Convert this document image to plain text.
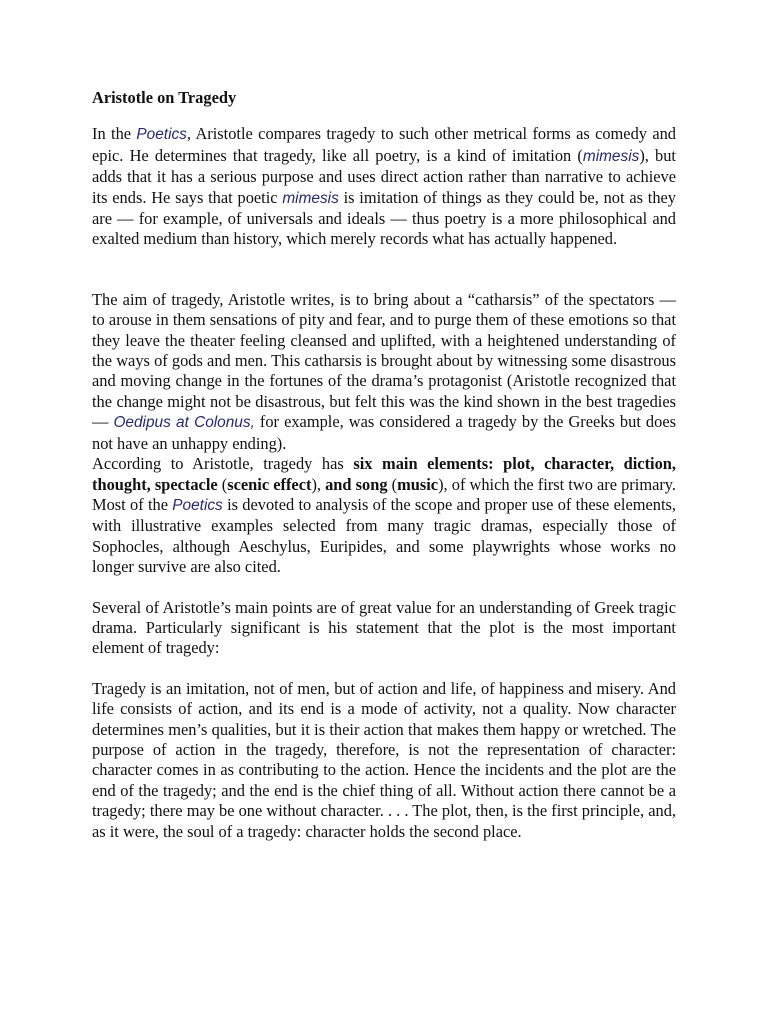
Aristotle on Tragedy

In the Poetics, Aristotle compares tragedy to such other metrical forms as comedy and epic. He determines that tragedy, like all poetry, is a kind of imitation (mimesis), but adds that it has a serious purpose and uses direct action rather than narrative to achieve its ends. He says that poetic mimesis is imitation of things as they could be, not as they are — for example, of universals and ideals — thus poetry is a more philosophical and exalted medium than history, which merely records what has actually happened.

The aim of tragedy, Aristotle writes, is to bring about a “catharsis” of the spectators — to arouse in them sensations of pity and fear, and to purge them of these emotions so that they leave the theater feeling cleansed and uplifted, with a heightened understanding of the ways of gods and men. This catharsis is brought about by witnessing some disastrous and moving change in the fortunes of the drama’s protagonist (Aristotle recognized that the change might not be disastrous, but felt this was the kind shown in the best tragedies — Oedipus at Colonus, for example, was considered a tragedy by the Greeks but does not have an unhappy ending).

According to Aristotle, tragedy has six main elements: plot, character, diction, thought, spectacle (scenic effect), and song (music), of which the first two are primary. Most of the Poetics is devoted to analysis of the scope and proper use of these elements, with illustrative examples selected from many tragic dramas, especially those of Sophocles, although Aeschylus, Euripides, and some playwrights whose works no longer survive are also cited.

Several of Aristotle’s main points are of great value for an understanding of Greek tragic drama. Particularly significant is his statement that the plot is the most important element of tragedy:

Tragedy is an imitation, not of men, but of action and life, of happiness and misery. And life consists of action, and its end is a mode of activity, not a quality. Now character determines men’s qualities, but it is their action that makes them happy or wretched. The purpose of action in the tragedy, therefore, is not the representation of character: character comes in as contributing to the action. Hence the incidents and the plot are the end of the tragedy; and the end is the chief thing of all. Without action there cannot be a tragedy; there may be one without character. . . . The plot, then, is the first principle, and, as it were, the soul of a tragedy: character holds the second place.
